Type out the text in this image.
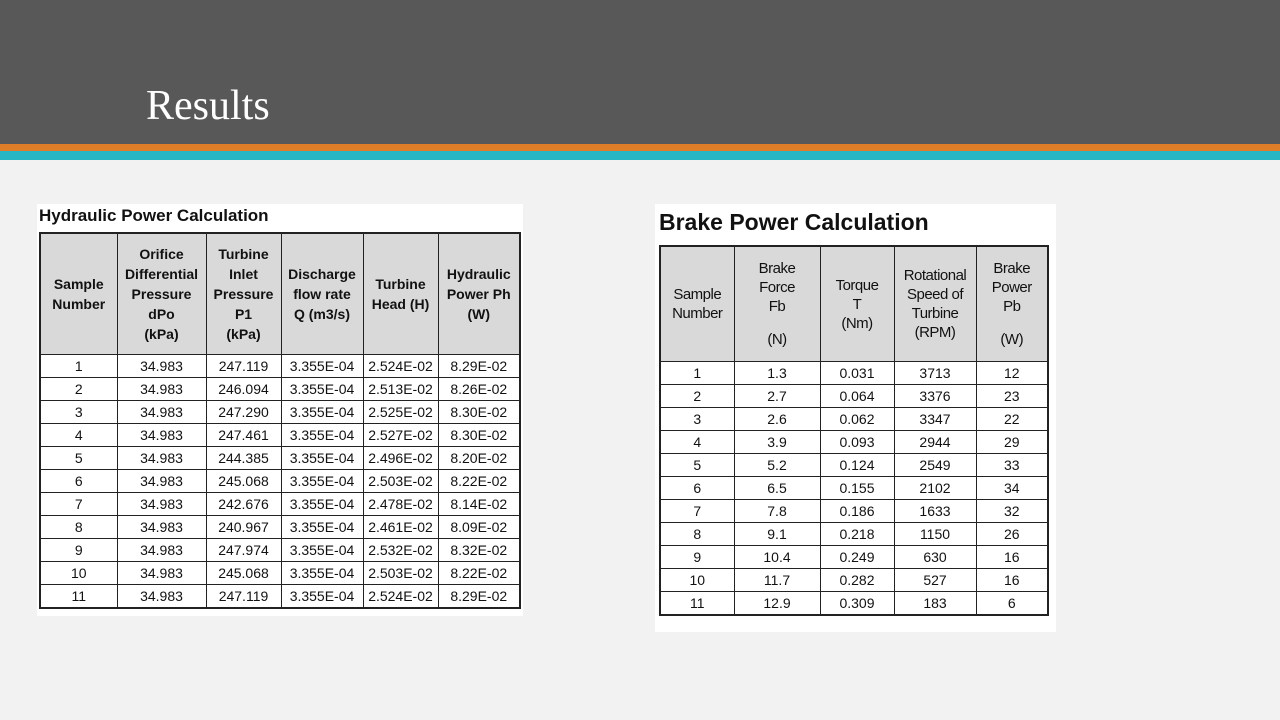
Results
Hydraulic Power Calculation
Sample
Number	Orifice
Differential
Pressure
dPo
(kPa)	Turbine
Inlet
Pressure
P1
(kPa)	Discharge
flow rate
Q (m3/s)	Turbine
Head (H)	Hydraulic
Power Ph
(W)

1	34.983	247.119	3.355E-04	2.524E-02	8.29E-02
2	34.983	246.094	3.355E-04	2.513E-02	8.26E-02
3	34.983	247.290	3.355E-04	2.525E-02	8.30E-02
4	34.983	247.461	3.355E-04	2.527E-02	8.30E-02
5	34.983	244.385	3.355E-04	2.496E-02	8.20E-02
6	34.983	245.068	3.355E-04	2.503E-02	8.22E-02
7	34.983	242.676	3.355E-04	2.478E-02	8.14E-02
8	34.983	240.967	3.355E-04	2.461E-02	8.09E-02
9	34.983	247.974	3.355E-04	2.532E-02	8.32E-02
10	34.983	245.068	3.355E-04	2.503E-02	8.22E-02
11	34.983	247.119	3.355E-04	2.524E-02	8.29E-02
Brake Power Calculation
Sample
Number	Brake
Force
Fb
(N)	Torque
T
(Nm)	Rotational
Speed of
Turbine
(RPM)	Brake
Power
Pb
(W)

1	1.3	0.031	3713	12
2	2.7	0.064	3376	23
3	2.6	0.062	3347	22
4	3.9	0.093	2944	29
5	5.2	0.124	2549	33
6	6.5	0.155	2102	34
7	7.8	0.186	1633	32
8	9.1	0.218	1150	26
9	10.4	0.249	630	16
10	11.7	0.282	527	16
11	12.9	0.309	183	6
